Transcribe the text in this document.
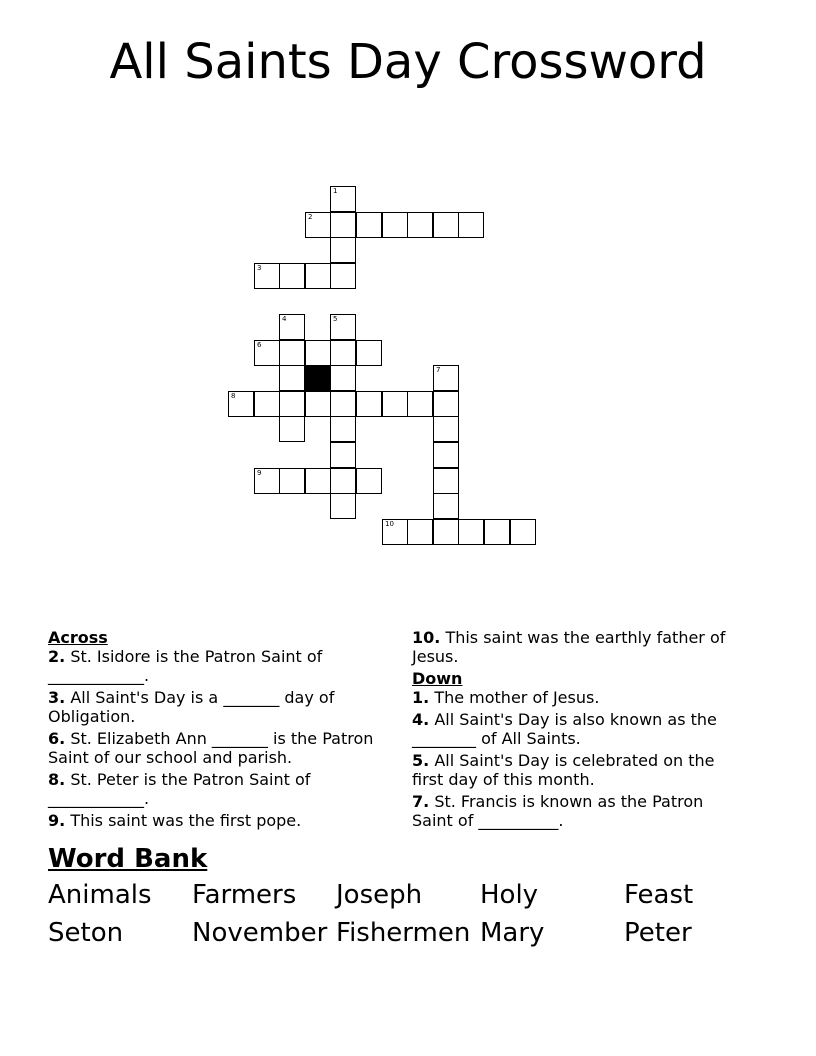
All Saints Day Crossword
1
2
3
4	5
6
7
8
9
10
Across
2. St. Isidore is the Patron Saint of ____________.
3. All Saint's Day is a _______ day of Obligation.
6. St. Elizabeth Ann _______ is the Patron Saint of our school and parish.
8. St. Peter is the Patron Saint of ____________.
9. This saint was the first pope.
10. This saint was the earthly father of Jesus.
Down
1. The mother of Jesus.
4. All Saint's Day is also known as the ________ of All Saints.
5. All Saint's Day is celebrated on the first day of this month.
7. St. Francis is known as the Patron Saint of __________.
Word Bank
Animals	Farmers	Joseph	Holy	Feast
Seton	November Fishermen Mary	Peter
